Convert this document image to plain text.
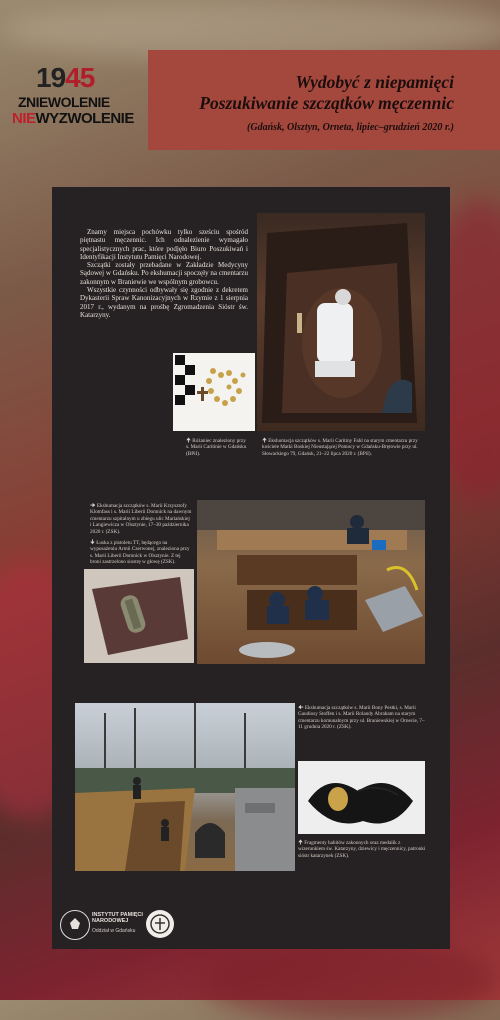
1945
ZNIEWOLENIE
NIEWYZWOLENIE
Wydobyć z niepamięci
Poszukiwanie szczątków męczennic
(Gdańsk, Olsztyn, Orneta, lipiec–grudzień 2020 r.)

Znamy miejsca pochówku tylko sześciu spośród piętnastu męczennic. Ich odnalezienie wymagało specjalistycznych prac, które podjęło Biuro Poszukiwań i Identyfikacji Instytutu Pamięci Narodowej.

Szczątki zostały przebadane w Zakładzie Medycyny Sądowej w Gdańsku. Po ekshumacji spoczęły na cmentarzu zakonnym w Braniewie we wspólnym grobowcu.

Wszystkie czynności odbywały się zgodnie z dekretem Dykasterii Spraw Kanonizacyjnych w Rzymie z 1 sierpnia 2017 r., wydanym na prośbę Zgromadzenia Sióstr św. Katarzyny.

🠉 Różaniec znaleziony przy s. Marii Caritinie w Gdańsku (BPiI).
🠉 Ekshumacja szczątków s. Marii Caritiny Fahl na starym cmentarzu przy kościele Matki Boskiej Nieustającej Pomocy w Gdańsku-Brętowie przy ul. Słowackiego 79, Gdańsk, 21–22 lipca 2020 r. (BPiI).
🠊 Ekshumacja szczątków s. Marii Krzysztofy Klomfass i s. Marii Liberii Domnick na dawnym cmentarzu szpitalnym u zbiegu ulic Mariańskiej i Langiewicza w Olsztynie, 17–30 października 2020 r. (ZSK).
🠋 Łuska z pistoletu TT, będącego na wyposażeniu Armii Czerwonej, znaleziona przy s. Marii Liberii Domnick w Olsztynie. Z tej broni zastrzelono siostrę w głowę (ZSK).
🠈 Ekshumacja szczątków s. Marii Bony Pestki, s. Marii Gaudiosy Stoffen i s. Marii Rolandy Abraham na starym cmentarzu komunalnym przy ul. Braniewskiej w Ornecie, 7–11 grudnia 2020 r. (ZSK).
🠉 Fragmenty habitów zakonnych oraz medalik z wizerunkiem św. Katarzyny, dziewicy i męczennicy, patronki sióstr katarzynek (ZSK).
INSTYTUT PAMIĘCI
NARODOWEJ
Oddział w Gdańsku
